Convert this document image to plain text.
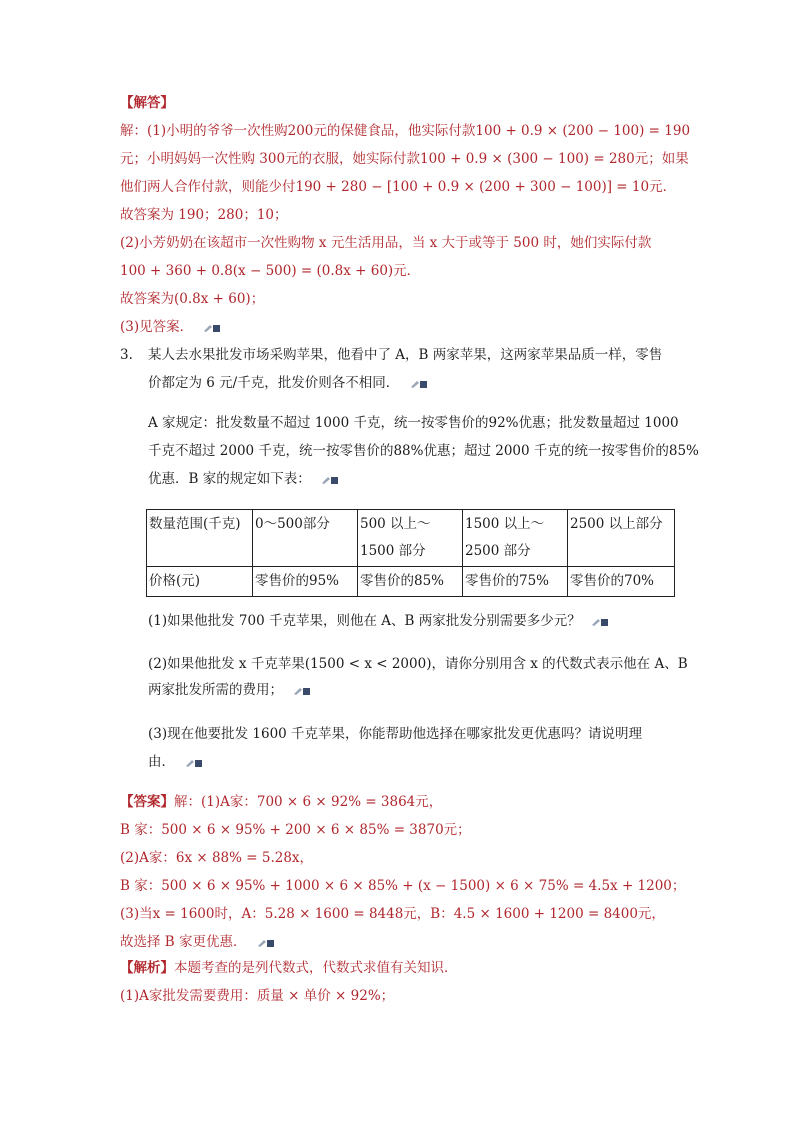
【解答】
解：(1)小明的爷爷一次性购200元的保健食品，他实际付款100 + 0.9 × (200 − 100) = 190
元；小明妈妈一次性购 300元的衣服，她实际付款100 + 0.9 × (300 − 100) = 280元；如果
他们两人合作付款，则能少付190 + 280 − [100 + 0.9 × (200 + 300 − 100)] = 10元．
故答案为 190；280；10；
(2)小芳奶奶在该超市一次性购物 x 元生活用品，当 x 大于或等于 500 时，她们实际付款
100 + 360 + 0.8(x − 500) = (0.8x + 60)元．
故答案为(0.8x + 60)；
(3)见答案．
3. 某人去水果批发市场采购苹果，他看中了 A，B 两家苹果，这两家苹果品质一样，零售
价都定为 6 元/千克，批发价则各不相同．
A 家规定：批发数量不超过 1000 千克，统一按零售价的92%优惠；批发数量超过 1000
千克不超过 2000 千克，统一按零售价的88%优惠；超过 2000 千克的统一按零售价的85%
优惠．B 家的规定如下表：
数量范围(千克)	0～500部分	500 以上～1500 部分	1500 以上～2500 部分	2500 以上部分
价格(元)	零售价的95%	零售价的85%	零售价的75%	零售价的70%
(1)如果他批发 700 千克苹果，则他在 A、B 两家批发分别需要多少元？
(2)如果他批发 x 千克苹果(1500 < x < 2000)，请你分别用含 x 的代数式表示他在 A、B
两家批发所需的费用；
(3)现在他要批发 1600 千克苹果，你能帮助他选择在哪家批发更优惠吗？请说明理
由．
【答案】解：(1)A家：700 × 6 × 92% = 3864元，
B 家：500 × 6 × 95% + 200 × 6 × 85% = 3870元；
(2)A家：6x × 88% = 5.28x，
B 家：500 × 6 × 95% + 1000 × 6 × 85% + (x − 1500) × 6 × 75% = 4.5x + 1200；
(3)当x = 1600时，A：5.28 × 1600 = 8448元，B：4.5 × 1600 + 1200 = 8400元，
故选择 B 家更优惠．
【解析】本题考查的是列代数式，代数式求值有关知识．
(1)A家批发需要费用：质量 × 单价 × 92%；
